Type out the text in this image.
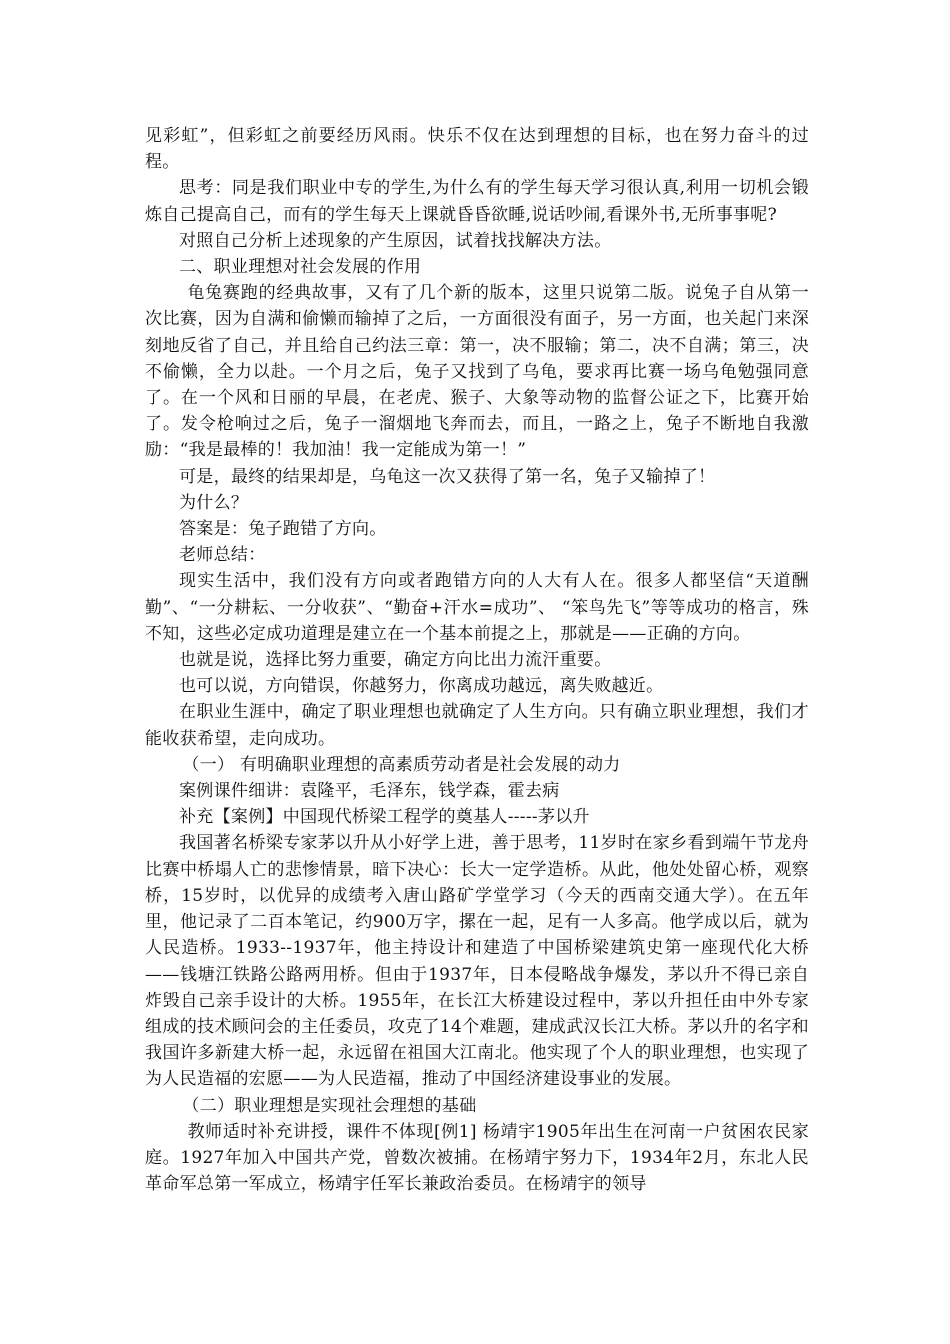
见彩虹”，但彩虹之前要经历风雨。快乐不仅在达到理想的目标，也在努力奋斗的过程。

思考：同是我们职业中专的学生,为什么有的学生每天学习很认真,利用一切机会锻炼自己提高自己，而有的学生每天上课就昏昏欲睡,说话吵闹,看课外书,无所事事呢?

对照自己分析上述现象的产生原因，试着找找解决方法。

二、职业理想对社会发展的作用

龟兔赛跑的经典故事，又有了几个新的版本，这里只说第二版。说兔子自从第一次比赛，因为自满和偷懒而输掉了之后，一方面很没有面子，另一方面，也关起门来深刻地反省了自己，并且给自己约法三章：第一，决不服输；第二，决不自满；第三，决不偷懒，全力以赴。一个月之后，兔子又找到了乌龟，要求再比赛一场乌龟勉强同意了。在一个风和日丽的早晨，在老虎、猴子、大象等动物的监督公证之下，比赛开始了。发令枪响过之后，兔子一溜烟地飞奔而去，而且，一路之上，兔子不断地自我激励：“我是最棒的！我加油！我一定能成为第一！”

可是，最终的结果却是，乌龟这一次又获得了第一名，兔子又输掉了！

为什么？

答案是：兔子跑错了方向。

老师总结：

现实生活中，我们没有方向或者跑错方向的人大有人在。很多人都坚信“天道酬勤”、“一分耕耘、一分收获”、“勤奋+汗水=成功”、 “笨鸟先飞”等等成功的格言，殊不知，这些必定成功道理是建立在一个基本前提之上，那就是——正确的方向。

也就是说，选择比努力重要，确定方向比出力流汗重要。

也可以说，方向错误，你越努力，你离成功越远，离失败越近。

在职业生涯中，确定了职业理想也就确定了人生方向。只有确立职业理想，我们才能收获希望，走向成功。

（一） 有明确职业理想的高素质劳动者是社会发展的动力

案例课件细讲：袁隆平，毛泽东，钱学森，霍去病

补充【案例】中国现代桥梁工程学的奠基人-----茅以升

我国著名桥梁专家茅以升从小好学上进，善于思考，11岁时在家乡看到端午节龙舟比赛中桥塌人亡的悲惨情景，暗下决心：长大一定学造桥。从此，他处处留心桥，观察桥，15岁时，以优异的成绩考入唐山路矿学堂学习（今天的西南交通大学）。在五年里，他记录了二百本笔记，约900万字，摞在一起，足有一人多高。他学成以后，就为人民造桥。1933--1937年，他主持设计和建造了中国桥梁建筑史第一座现代化大桥——钱塘江铁路公路两用桥。但由于1937年，日本侵略战争爆发，茅以升不得已亲自炸毁自己亲手设计的大桥。1955年，在长江大桥建设过程中，茅以升担任由中外专家组成的技术顾问会的主任委员，攻克了14个难题，建成武汉长江大桥。茅以升的名字和我国许多新建大桥一起，永远留在祖国大江南北。他实现了个人的职业理想，也实现了为人民造福的宏愿——为人民造福，推动了中国经济建设事业的发展。

（二）职业理想是实现社会理想的基础

教师适时补充讲授，课件不体现[例1] 杨靖宇1905年出生在河南一户贫困农民家庭。1927年加入中国共产党，曾数次被捕。在杨靖宇努力下，1934年2月，东北人民革命军总第一军成立，杨靖宇任军长兼政治委员。在杨靖宇的领导
